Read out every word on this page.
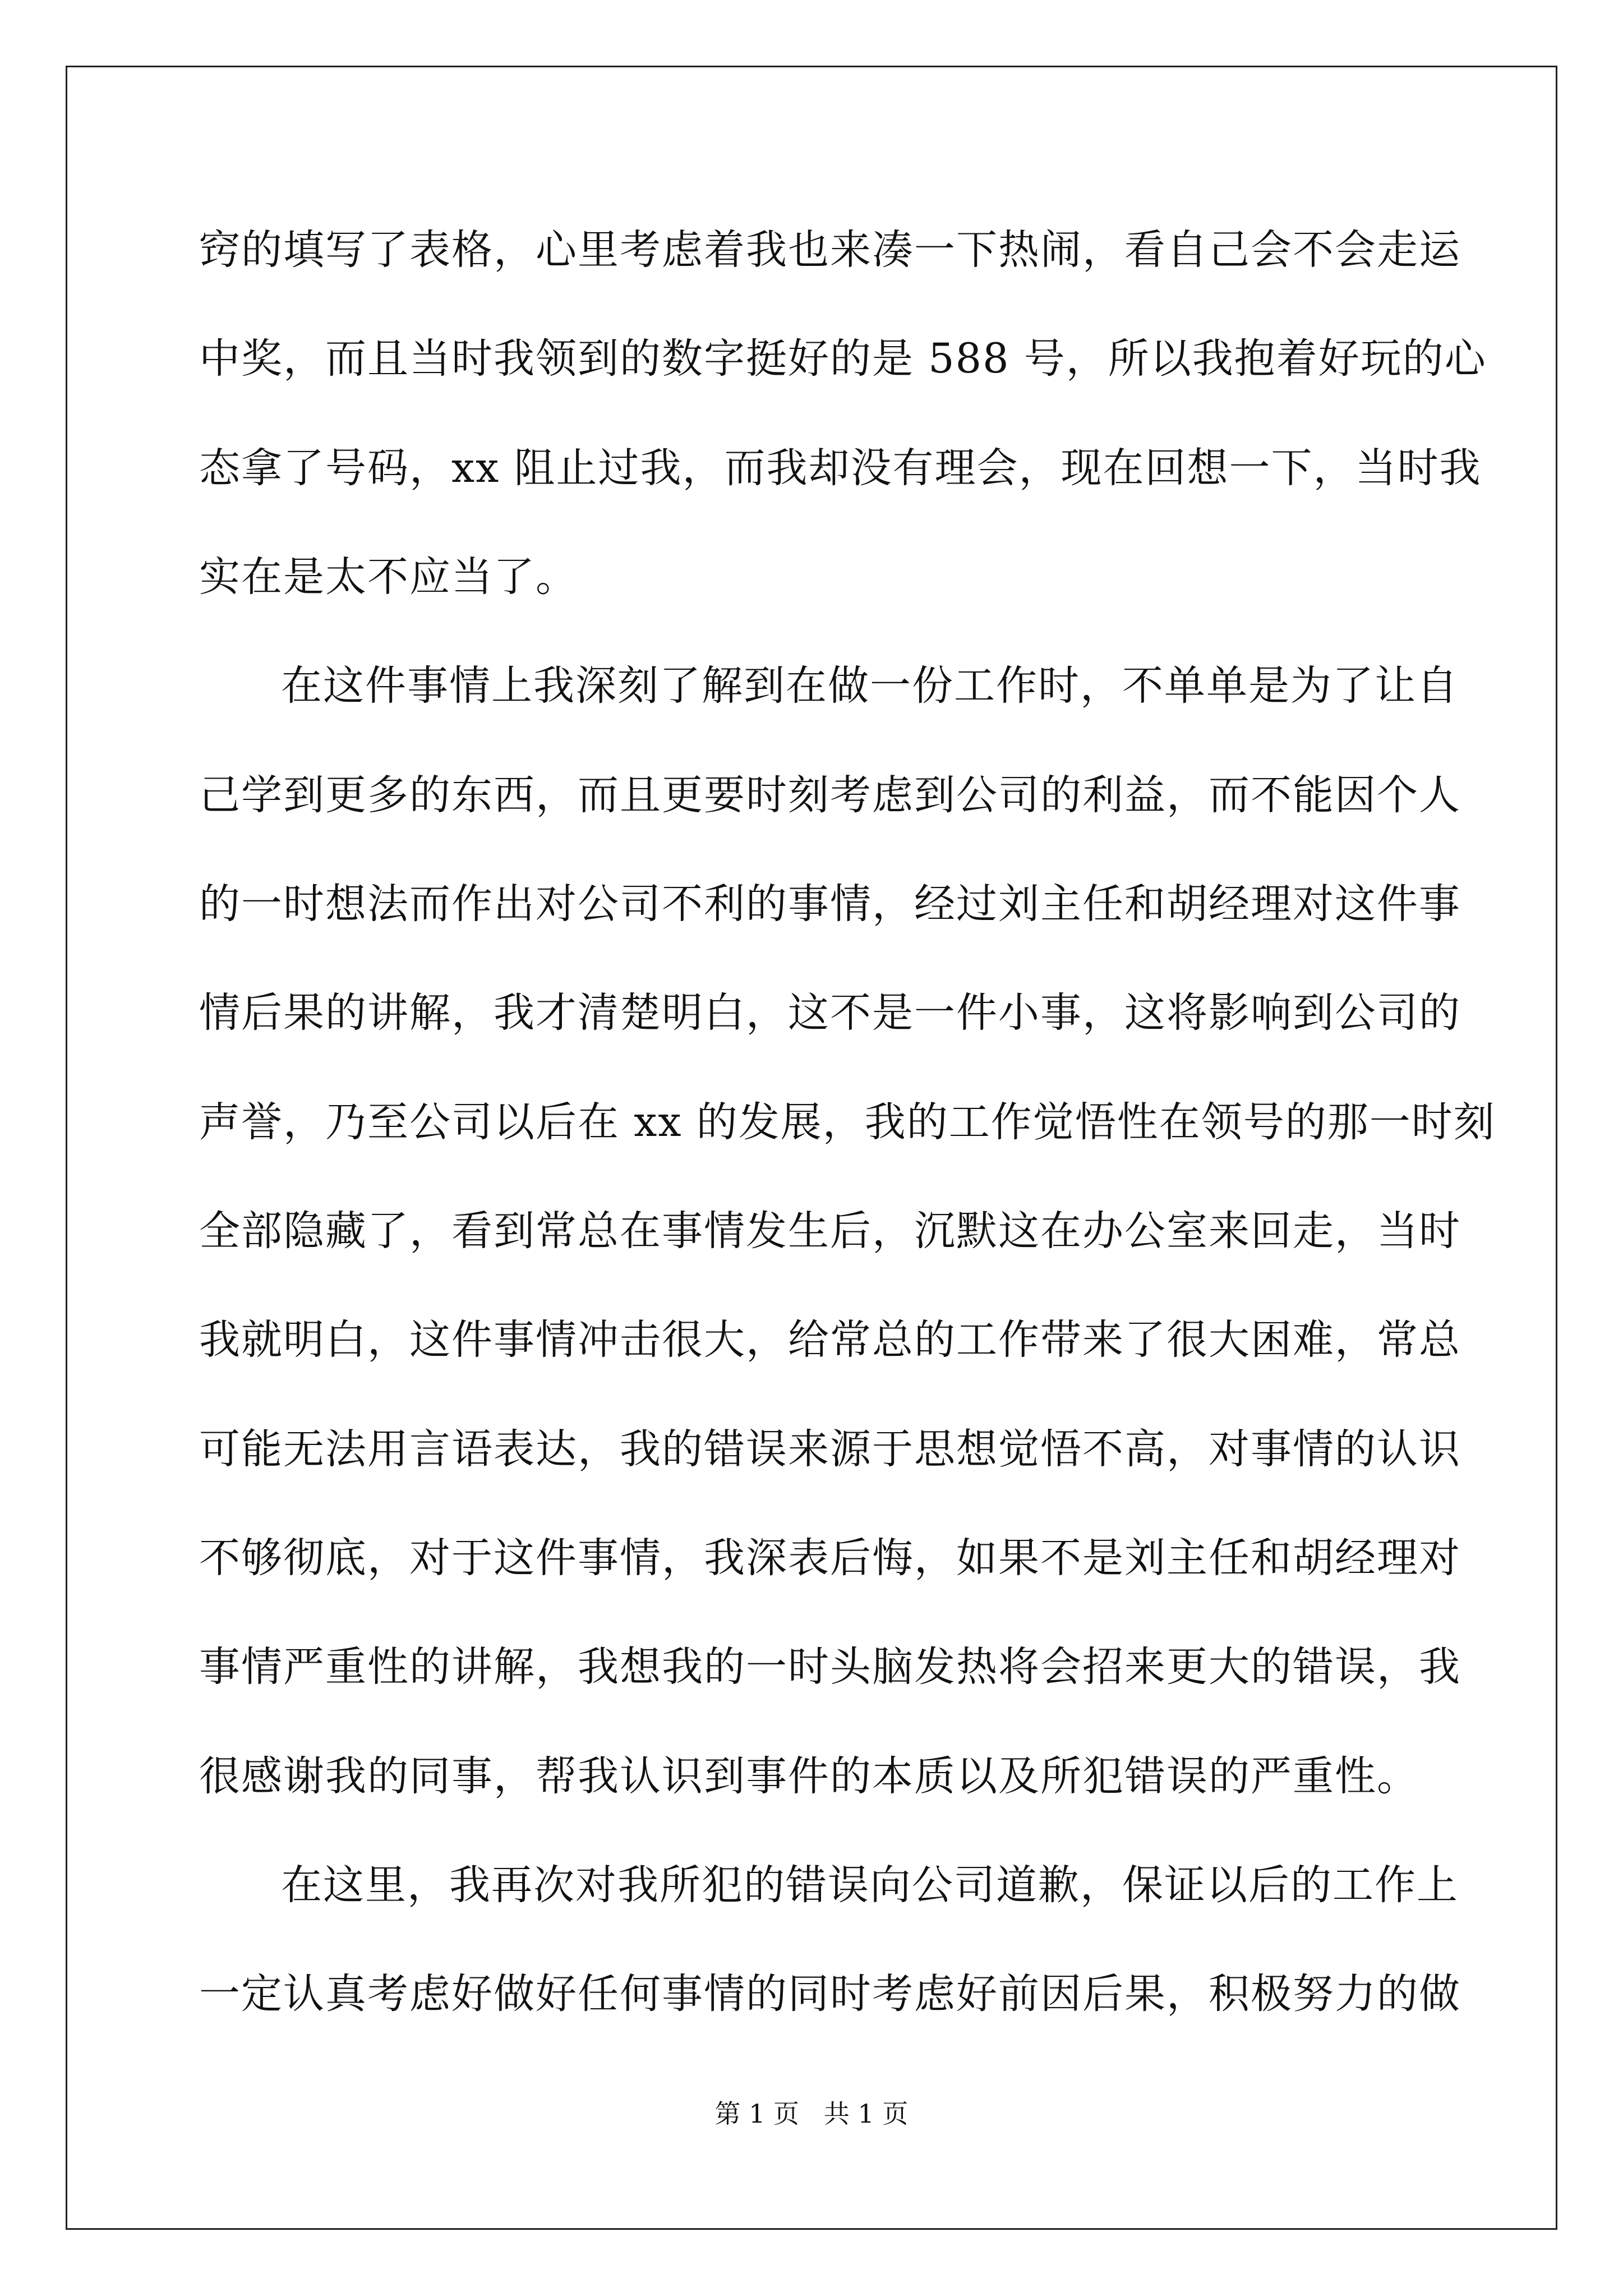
窍的填写了表格，心里考虑着我也来凑一下热闹，看自己会不会走运
中奖，而且当时我领到的数字挺好的是 588 号，所以我抱着好玩的心
态拿了号码，xx 阻止过我，而我却没有理会，现在回想一下，当时我
实在是太不应当了。
在这件事情上我深刻了解到在做一份工作时，不单单是为了让自
己学到更多的东西，而且更要时刻考虑到公司的利益，而不能因个人
的一时想法而作出对公司不利的事情，经过刘主任和胡经理对这件事
情后果的讲解，我才清楚明白，这不是一件小事，这将影响到公司的
声誉，乃至公司以后在 xx 的发展，我的工作觉悟性在领号的那一时刻
全部隐藏了，看到常总在事情发生后，沉默这在办公室来回走，当时
我就明白，这件事情冲击很大，给常总的工作带来了很大困难，常总
可能无法用言语表达，我的错误来源于思想觉悟不高，对事情的认识
不够彻底，对于这件事情，我深表后悔，如果不是刘主任和胡经理对
事情严重性的讲解，我想我的一时头脑发热将会招来更大的错误，我
很感谢我的同事，帮我认识到事件的本质以及所犯错误的严重性。
在这里，我再次对我所犯的错误向公司道歉，保证以后的工作上
一定认真考虑好做好任何事情的同时考虑好前因后果，积极努力的做
第 1 页   共 1 页
